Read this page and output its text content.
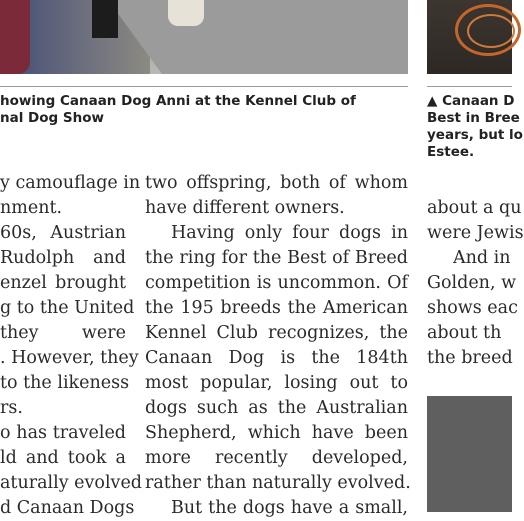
howing Canaan Dog Anni at the Kennel Club of
nal Dog Show
▲ Canaan D
Best in Bree
years, but lo
Estee.
y camouflage in
nment.
60s, Austrian
Rudolph and
enzel brought
g to the United
they were
. However, they
to the likeness
rs.
o has traveled
ld and took a
aturally evolved
d Canaan Dogs
two offspring, both of whom
have different owners.
Having only four dogs in
the ring for the Best of Breed
competition is uncommon. Of
the 195 breeds the American
Kennel Club recognizes, the
Canaan Dog is the 184th
most popular, losing out to
dogs such as the Australian
Shepherd, which have been
more recently developed,
rather than naturally evolved.
But the dogs have a small,
about a qu
were Jewis
And in
Golden, w
shows eac
about th
the breed
